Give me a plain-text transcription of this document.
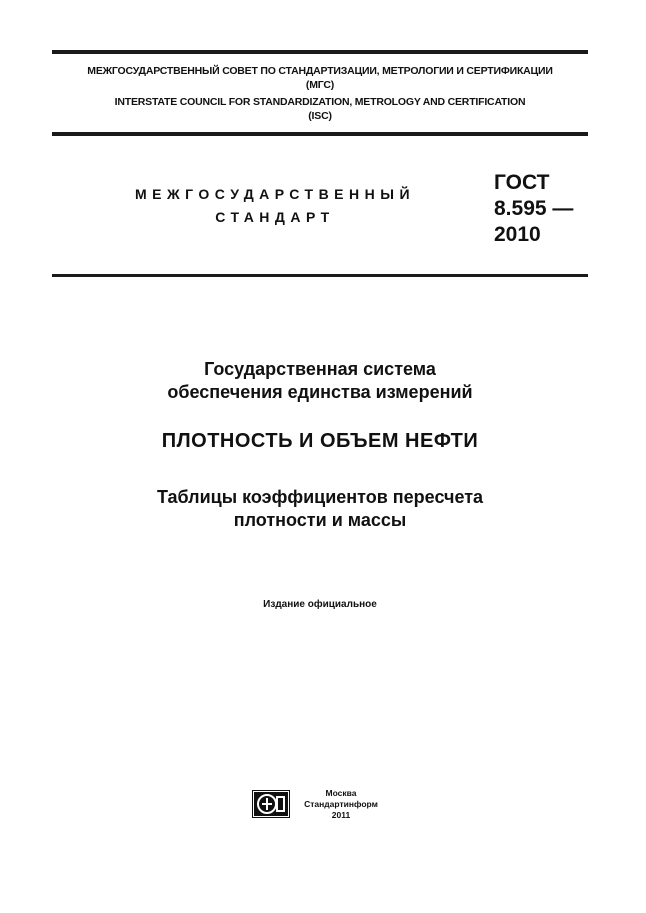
МЕЖГОСУДАРСТВЕННЫЙ СОВЕТ ПО СТАНДАРТИЗАЦИИ, МЕТРОЛОГИИ И СЕРТИФИКАЦИИ
(МГС)
INTERSTATE COUNCIL FOR STANDARDIZATION, METROLOGY AND CERTIFICATION
(ISC)
МЕЖГОСУДАРСТВЕННЫЙ
СТАНДАРТ
ГОСТ
8.595 —
2010
Государственная система
обеспечения единства измерений
ПЛОТНОСТЬ И ОБЪЕМ НЕФТИ
Таблицы коэффициентов пересчета
плотности и массы
Издание официальное
Москва
Стандартинформ
2011
